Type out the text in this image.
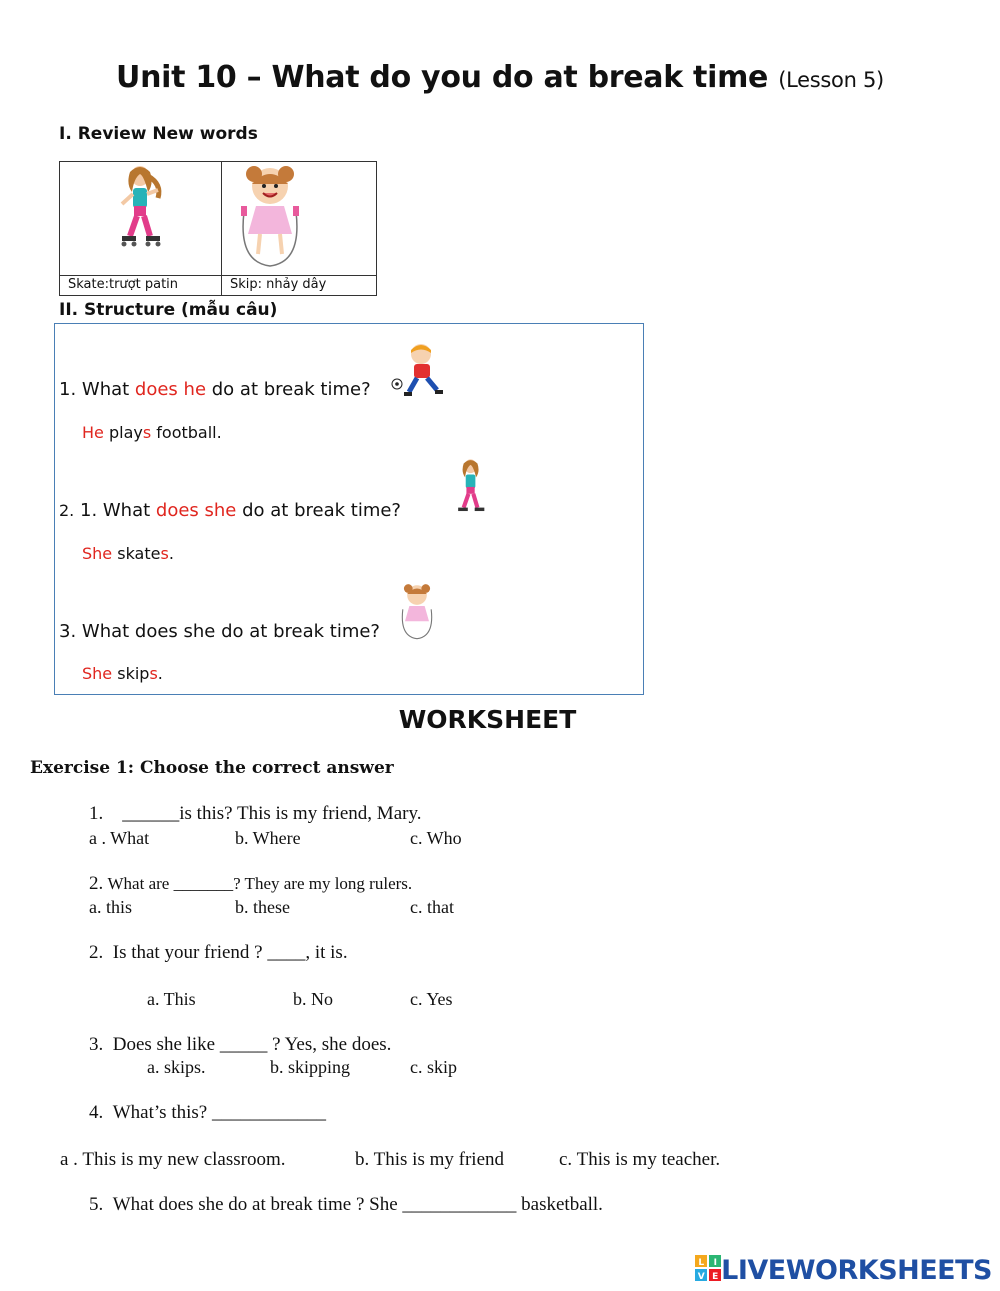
Unit 10 – What do you do at break time (Lesson 5)
I. Review New words
Skate:trượt patin	Skip: nhảy dây
II. Structure (mẫu câu)
1. What does he do at break time?
He plays football.
2. 1. What does she do at break time?
She skates.
3. What does she do at break time?
She skips.
WORKSHEET
Exercise 1: Choose the correct answer
1. ______is this? This is my friend, Mary.
a . What	b. Where	c. Who
2. What are _______? They are my long rulers.
a. this	b. these	c. that
2. Is that your friend ? ____, it is.
a. This	b. No	c. Yes
3. Does she like _____ ? Yes, she does.
a. skips.	b. skipping	c. skip
4. What’s this? ____________
a . This is my new classroom.	b. This is my friend	c. This is my teacher.
5. What does she do at break time ? She ____________ basketball.
L I
V E LIVEWORKSHEETS
